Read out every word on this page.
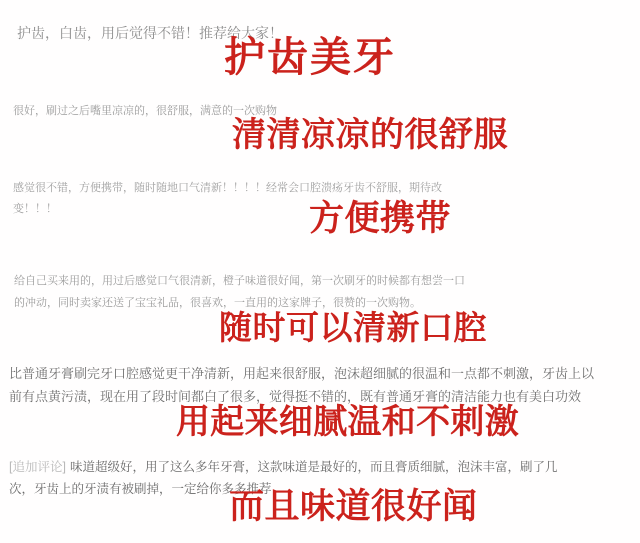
护齿，白齿，用后觉得不错！推荐给大家！
护齿美牙
很好，刷过之后嘴里凉凉的，很舒服，满意的一次购物
清清凉凉的很舒服
感觉很不错，方便携带，随时随地口气清新！！！！经常会口腔溃疡牙齿不舒服，期待改
变！！！	方便携带
给自己买来用的，用过后感觉口气很清新，橙子味道很好闻，第一次刷牙的时候都有想尝一口
的冲动，同时卖家还送了宝宝礼品，很喜欢，一直用的这家牌子，很赞的一次购物。
随时可以清新口腔
比普通牙膏刷完牙口腔感觉更干净清新，用起来很舒服，泡沫超细腻的很温和一点都不刺激，牙齿上以
前有点黄污渍，现在用了段时间都白了很多，觉得挺不错的，既有普通牙膏的清洁能力也有美白功效
用起来细腻温和不刺激
[追加评论] 味道超级好，用了这么多年牙膏，这款味道是最好的，而且膏质细腻，泡沫丰富，刷了几
次，牙齿上的牙渍有被刷掉，一定给你多多推荐
而且味道很好闻
